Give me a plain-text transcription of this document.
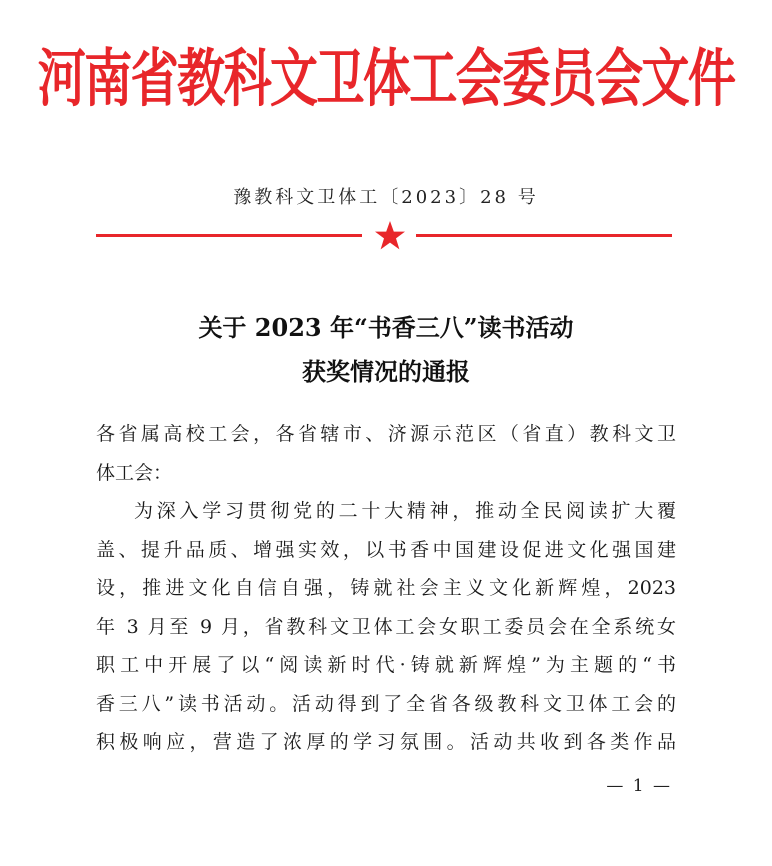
河南省教科文卫体工会委员会文件
豫教科文卫体工〔2023〕28 号
关于 2023 年“书香三八”读书活动
获奖情况的通报
各省属高校工会，各省辖市、济源示范区（省直）教科文卫
体工会：
为深入学习贯彻党的二十大精神，推动全民阅读扩大覆
盖、提升品质、增强实效，以书香中国建设促进文化强国建
设，推进文化自信自强，铸就社会主义文化新辉煌，2023
年 3 月至 9 月，省教科文卫体工会女职工委员会在全系统女
职工中开展了以“阅读新时代·铸就新辉煌”为主题的“书
香三八”读书活动。活动得到了全省各级教科文卫体工会的
积极响应，营造了浓厚的学习氛围。活动共收到各类作品
— 1 —
